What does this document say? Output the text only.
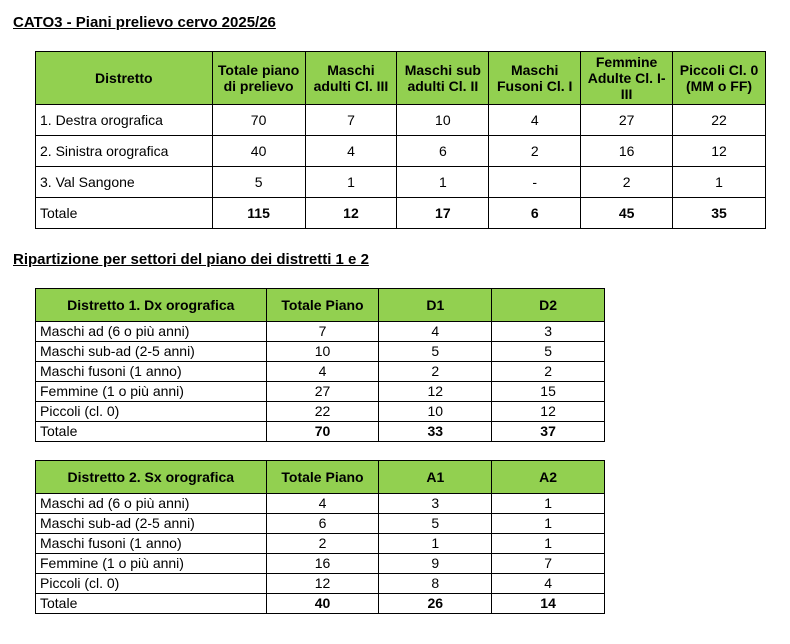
CATO3 - Piani prelievo cervo 2025/26
Distretto	Totale piano di prelievo	Maschi adulti Cl. III	Maschi sub adulti Cl. II	Maschi Fusoni Cl. I	Femmine Adulte Cl. I-III	Piccoli Cl. 0 (MM o FF)
1. Destra orografica	70	7	10	4	27	22
2. Sinistra orografica	40	4	6	2	16	12
3. Val Sangone	5	1	1	-	2	1
Totale	115	12	17	6	45	35
Ripartizione per settori del piano dei distretti 1 e 2
Distretto 1. Dx orografica	Totale Piano	D1	D2
Maschi ad (6 o più anni)	7	4	3
Maschi sub-ad (2-5 anni)	10	5	5
Maschi fusoni (1 anno)	4	2	2
Femmine (1 o più anni)	27	12	15
Piccoli (cl. 0)	22	10	12
Totale	70	33	37
Distretto 2. Sx orografica	Totale Piano	A1	A2
Maschi ad (6 o più anni)	4	3	1
Maschi sub-ad (2-5 anni)	6	5	1
Maschi fusoni (1 anno)	2	1	1
Femmine (1 o più anni)	16	9	7
Piccoli (cl. 0)	12	8	4
Totale	40	26	14
